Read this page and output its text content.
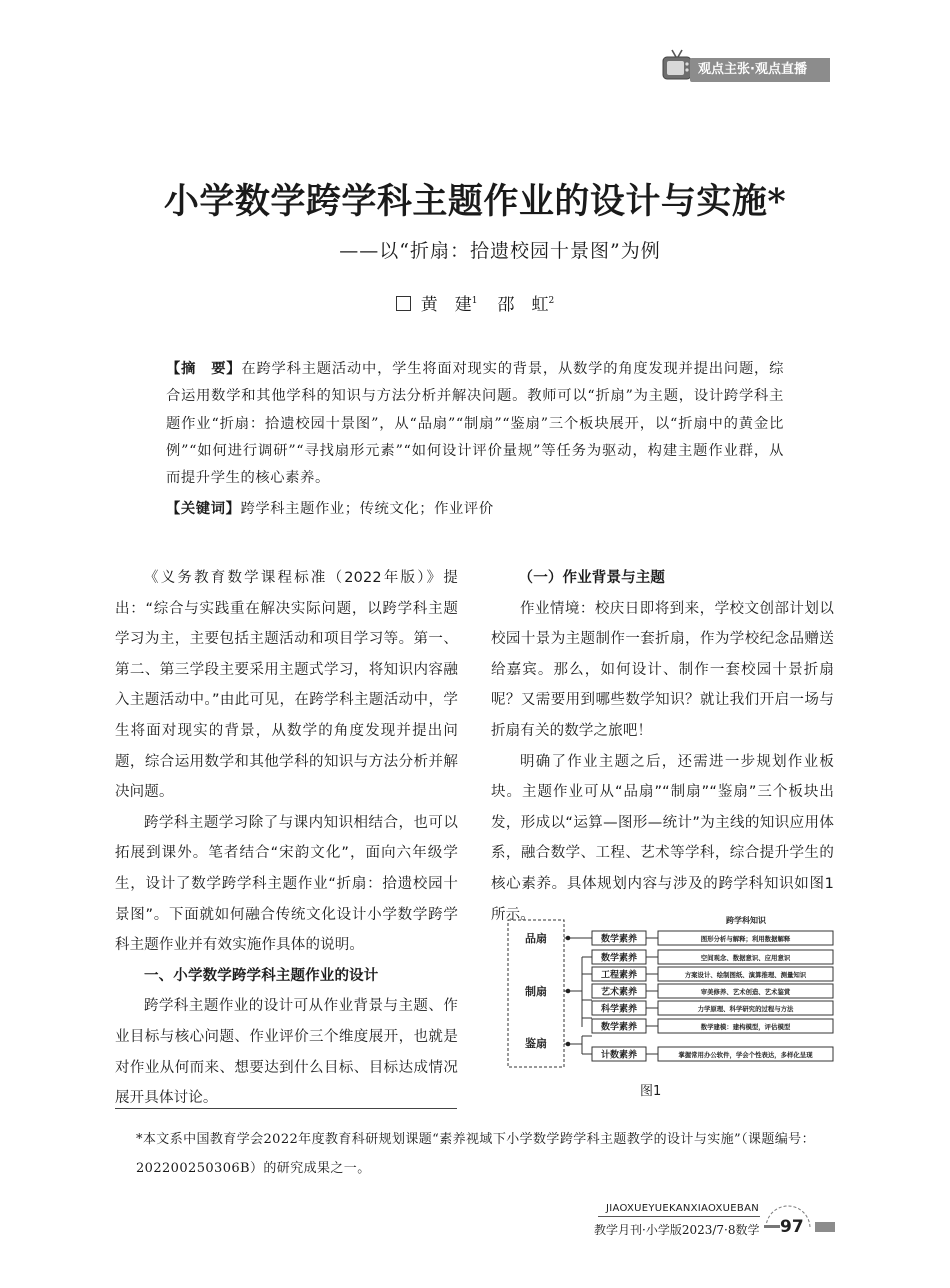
观点主张·观点直播
小学数学跨学科主题作业的设计与实施*
——以“折扇：拾遗校园十景图”为例
黄　建$^1$ 邵　虹$^2$
【摘　要】在跨学科主题活动中，学生将面对现实的背景，从数学的角度发现并提出问题，综合运用数学和其他学科的知识与方法分析并解决问题。教师可以“折扇”为主题，设计跨学科主题作业“折扇：拾遗校园十景图”，从“品扇”“制扇”“鉴扇”三个板块展开，以“折扇中的黄金比例”“如何进行调研”“寻找扇形元素”“如何设计评价量规”等任务为驱动，构建主题作业群，从而提升学生的核心素养。
【关键词】跨学科主题作业；传统文化；作业评价

《义务教育数学课程标准（2022年版）》提出：“综合与实践重在解决实际问题，以跨学科主题学习为主，主要包括主题活动和项目学习等。第一、第二、第三学段主要采用主题式学习，将知识内容融入主题活动中。”由此可见，在跨学科主题活动中，学生将面对现实的背景，从数学的角度发现并提出问题，综合运用数学和其他学科的知识与方法分析并解决问题。

跨学科主题学习除了与课内知识相结合，也可以拓展到课外。笔者结合“宋韵文化”，面向六年级学生，设计了数学跨学科主题作业“折扇：拾遗校园十景图”。下面就如何融合传统文化设计小学数学跨学科主题作业并有效实施作具体的说明。

一、小学数学跨学科主题作业的设计

跨学科主题作业的设计可从作业背景与主题、作业目标与核心问题、作业评价三个维度展开，也就是对作业从何而来、想要达到什么目标、目标达成情况展开具体讨论。

（一）作业背景与主题

作业情境：校庆日即将到来，学校文创部计划以校园十景为主题制作一套折扇，作为学校纪念品赠送给嘉宾。那么，如何设计、制作一套校园十景折扇呢？又需要用到哪些数学知识？就让我们开启一场与折扇有关的数学之旅吧！

明确了作业主题之后，还需进一步规划作业板块。主题作业可从“品扇”“制扇”“鉴扇”三个板块出发，形成以“运算—图形—统计”为主线的知识应用体系，融合数学、工程、艺术等学科，综合提升学生的核心素养。具体规划内容与涉及的跨学科知识如图1所示。	跨学科知识
品扇
制扇
鉴扇
数学素养	图形分析与解释；利用数据解释
数学素养	空间观念、数据意识、应用意识
工程素养	方案设计、绘制图纸、演算推理、测量知识
艺术素养	审美修养、艺术创造、艺术鉴赏
科学素养	力学原理、科学研究的过程与方法
数学素养	数学建模：建构模型，评估模型
计数素养	掌握常用办公软件，学会个性表达，多样化呈现
图1
*本文系中国教育学会2022年度教育科研规划课题“素养视域下小学数学跨学科主题教学的设计与实施”（课题编号：202200250306B）的研究成果之一。
JIAOXUEYUEKANXIAOXUEBAN
教学月刊·小学版2023/7·8数学 97
